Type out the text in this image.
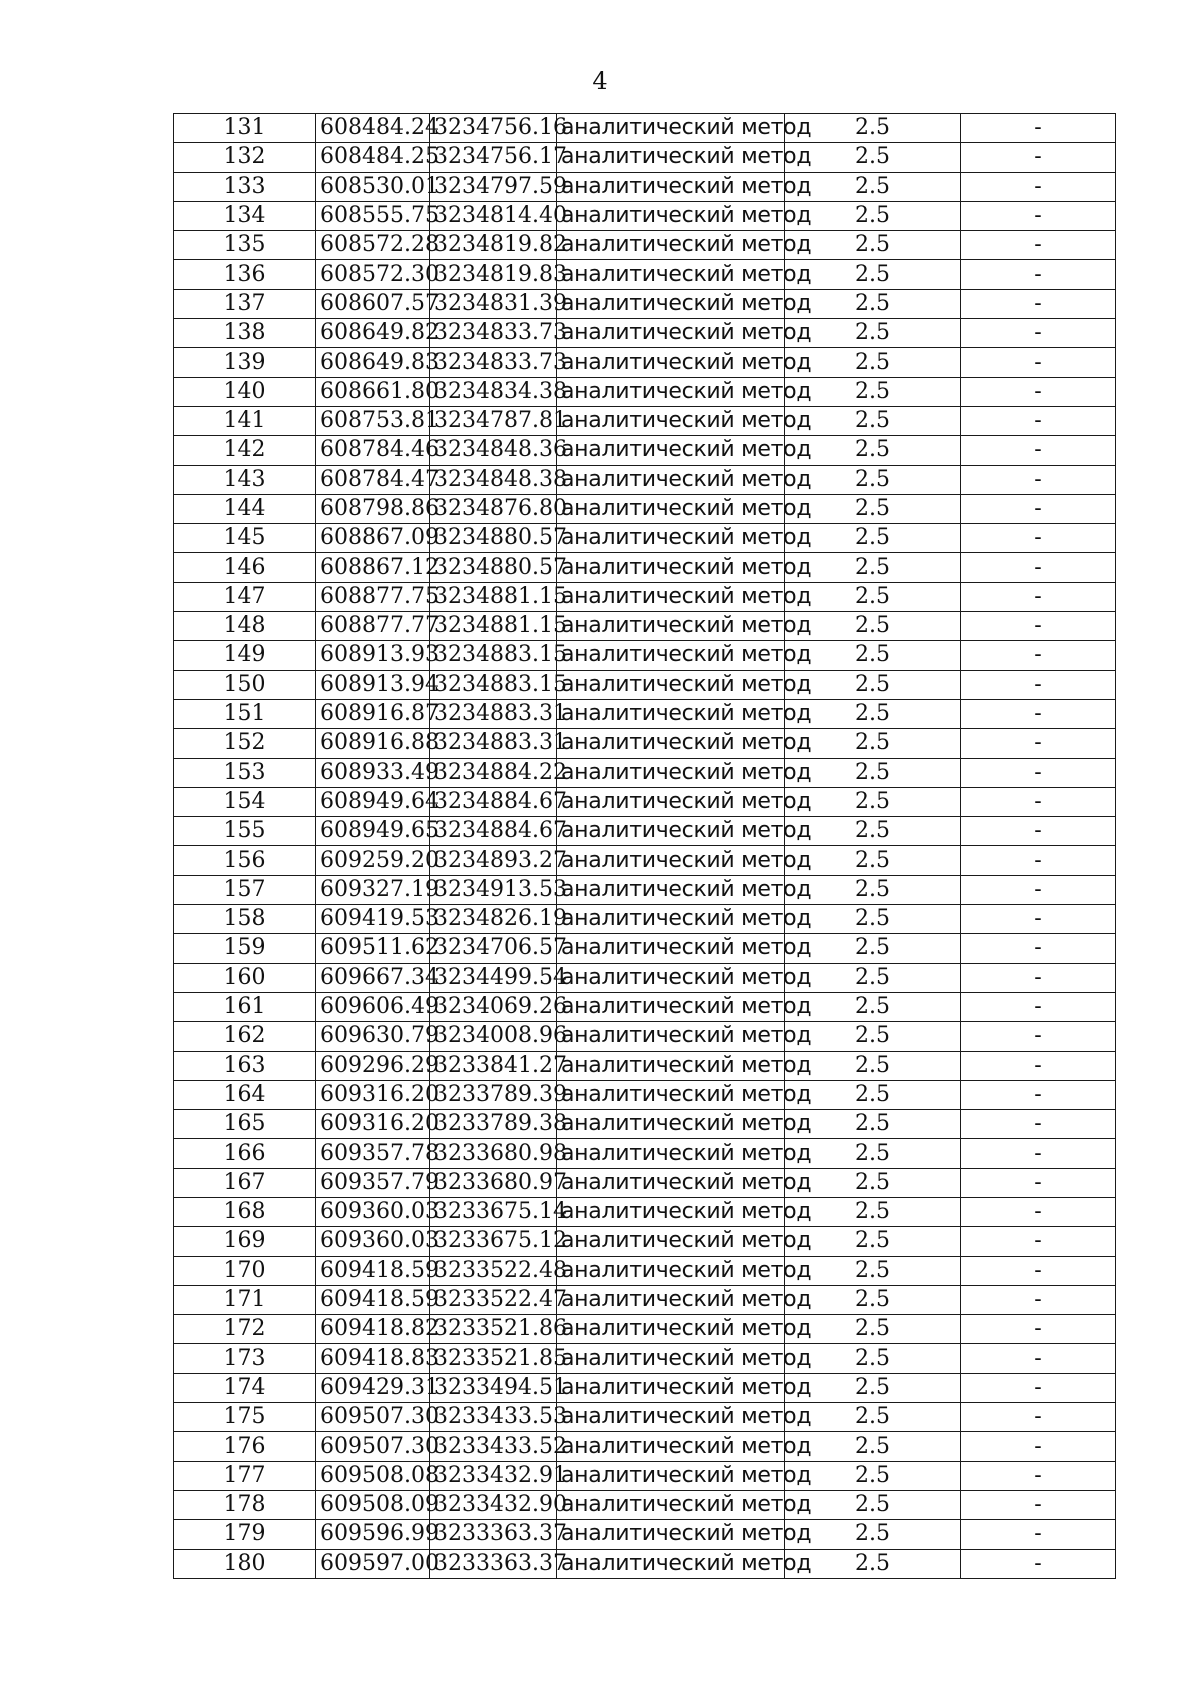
4
131	608484.24	3234756.16	аналитический метод	2.5	-
132	608484.25	3234756.17	аналитический метод	2.5	-
133	608530.01	3234797.59	аналитический метод	2.5	-
134	608555.75	3234814.40	аналитический метод	2.5	-
135	608572.28	3234819.82	аналитический метод	2.5	-
136	608572.30	3234819.83	аналитический метод	2.5	-
137	608607.57	3234831.39	аналитический метод	2.5	-
138	608649.82	3234833.73	аналитический метод	2.5	-
139	608649.83	3234833.73	аналитический метод	2.5	-
140	608661.80	3234834.38	аналитический метод	2.5	-
141	608753.81	3234787.81	аналитический метод	2.5	-
142	608784.46	3234848.36	аналитический метод	2.5	-
143	608784.47	3234848.38	аналитический метод	2.5	-
144	608798.86	3234876.80	аналитический метод	2.5	-
145	608867.09	3234880.57	аналитический метод	2.5	-
146	608867.12	3234880.57	аналитический метод	2.5	-
147	608877.75	3234881.15	аналитический метод	2.5	-
148	608877.77	3234881.15	аналитический метод	2.5	-
149	608913.93	3234883.15	аналитический метод	2.5	-
150	608913.94	3234883.15	аналитический метод	2.5	-
151	608916.87	3234883.31	аналитический метод	2.5	-
152	608916.88	3234883.31	аналитический метод	2.5	-
153	608933.49	3234884.22	аналитический метод	2.5	-
154	608949.64	3234884.67	аналитический метод	2.5	-
155	608949.65	3234884.67	аналитический метод	2.5	-
156	609259.20	3234893.27	аналитический метод	2.5	-
157	609327.19	3234913.53	аналитический метод	2.5	-
158	609419.53	3234826.19	аналитический метод	2.5	-
159	609511.62	3234706.57	аналитический метод	2.5	-
160	609667.34	3234499.54	аналитический метод	2.5	-
161	609606.49	3234069.26	аналитический метод	2.5	-
162	609630.79	3234008.96	аналитический метод	2.5	-
163	609296.29	3233841.27	аналитический метод	2.5	-
164	609316.20	3233789.39	аналитический метод	2.5	-
165	609316.20	3233789.38	аналитический метод	2.5	-
166	609357.78	3233680.98	аналитический метод	2.5	-
167	609357.79	3233680.97	аналитический метод	2.5	-
168	609360.03	3233675.14	аналитический метод	2.5	-
169	609360.03	3233675.12	аналитический метод	2.5	-
170	609418.59	3233522.48	аналитический метод	2.5	-
171	609418.59	3233522.47	аналитический метод	2.5	-
172	609418.82	3233521.86	аналитический метод	2.5	-
173	609418.83	3233521.85	аналитический метод	2.5	-
174	609429.31	3233494.51	аналитический метод	2.5	-
175	609507.30	3233433.53	аналитический метод	2.5	-
176	609507.30	3233433.52	аналитический метод	2.5	-
177	609508.08	3233432.91	аналитический метод	2.5	-
178	609508.09	3233432.90	аналитический метод	2.5	-
179	609596.99	3233363.37	аналитический метод	2.5	-
180	609597.00	3233363.37	аналитический метод	2.5	-
